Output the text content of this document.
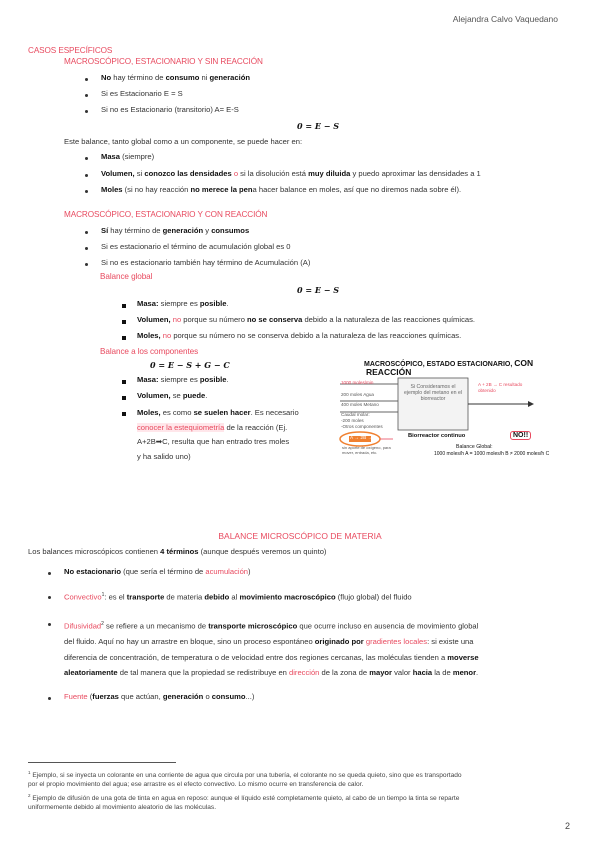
Alejandra Calvo Vaquedano
CASOS ESPECÍFICOS
MACROSCÓPICO, ESTACIONARIO Y SIN REACCIÓN
No hay término de consumo ni generación
Si es Estacionario E = S
Si no es Estacionario (transitorio) A= E-S
0 = E − S
Este balance, tanto global como a un componente, se puede hacer en:
Masa (siempre)
Volumen, si conozco las densidades o si la disolución está muy diluida y puedo aproximar las densidades a 1
Moles (si no hay reacción no merece la pena hacer balance en moles, así que no diremos nada sobre él).
MACROSCÓPICO, ESTACIONARIO Y CON REACCIÓN
Sí hay término de generación y consumos
Si es estacionario el término de acumulación global es 0
Si no es estacionario también hay término de Acumulación (A)
Balance global
0 = E − S
Masa: siempre es posible.
Volumen, no porque su número no se conserva debido a la naturaleza de las reacciones químicas.
Moles, no porque su número no se conserva debido a la naturaleza de las reacciones químicas.
Balance a los componentes
0 = E − S + G − C
Masa: siempre es posible.
Volumen, se puede.
Moles, es como se suelen hacer. Es necesario
conocer la estequiometría de la reacción (Ej.
A+2B➡C, resulta que han entrado tres moles
y ha salido uno)
MACROSCÓPICO, ESTADO ESTACIONARIO, CON
REACCIÓN
1000 moles/min
200 moles Agua
400 moles Metano
Caudal molar:
-200 moles
-Otros componentes
Si Consideramos el ejemplo del metano en el biorreactor
Biorreactor continuo
A + 2B → C resultado obtenido
NO!!
Balance Global:
1000 moles/h A = 1000 moles/h B ≠ 2000 moles/h C
A → 2B → C
sin aporte de oxígeno, para mover, entrada, etc.
BALANCE MICROSCÓPICO DE MATERIA
Los balances microscópicos contienen 4 términos (aunque después veremos un quinto)
No estacionario (que sería el término de acumulación)
Convectivo$^1$: es el transporte de materia debido al movimiento macroscópico (flujo global) del fluido
Difusividad$^2$ se refiere a un mecanismo de transporte microscópico que ocurre incluso en ausencia de movimiento global
del fluido. Aquí no hay un arrastre en bloque, sino un proceso espontáneo originado por gradientes locales: si existe una
diferencia de concentración, de temperatura o de velocidad entre dos regiones cercanas, las moléculas tienden a moverse
aleatoriamente de tal manera que la propiedad se redistribuye en dirección de la zona de mayor valor hacia la de menor.
Fuente (fuerzas que actúan, generación o consumo...)
$^1$ Ejemplo, si se inyecta un colorante en una corriente de agua que circula por una tubería, el colorante no se queda quieto, sino que es transportado
por el propio movimiento del agua; ese arrastre es el efecto convectivo. Lo mismo ocurre en transferencia de calor.
$^2$ Ejemplo de difusión de una gota de tinta en agua en reposo: aunque el líquido esté completamente quieto, al cabo de un tiempo la tinta se reparte
uniformemente debido al movimiento aleatorio de las moléculas.
2
